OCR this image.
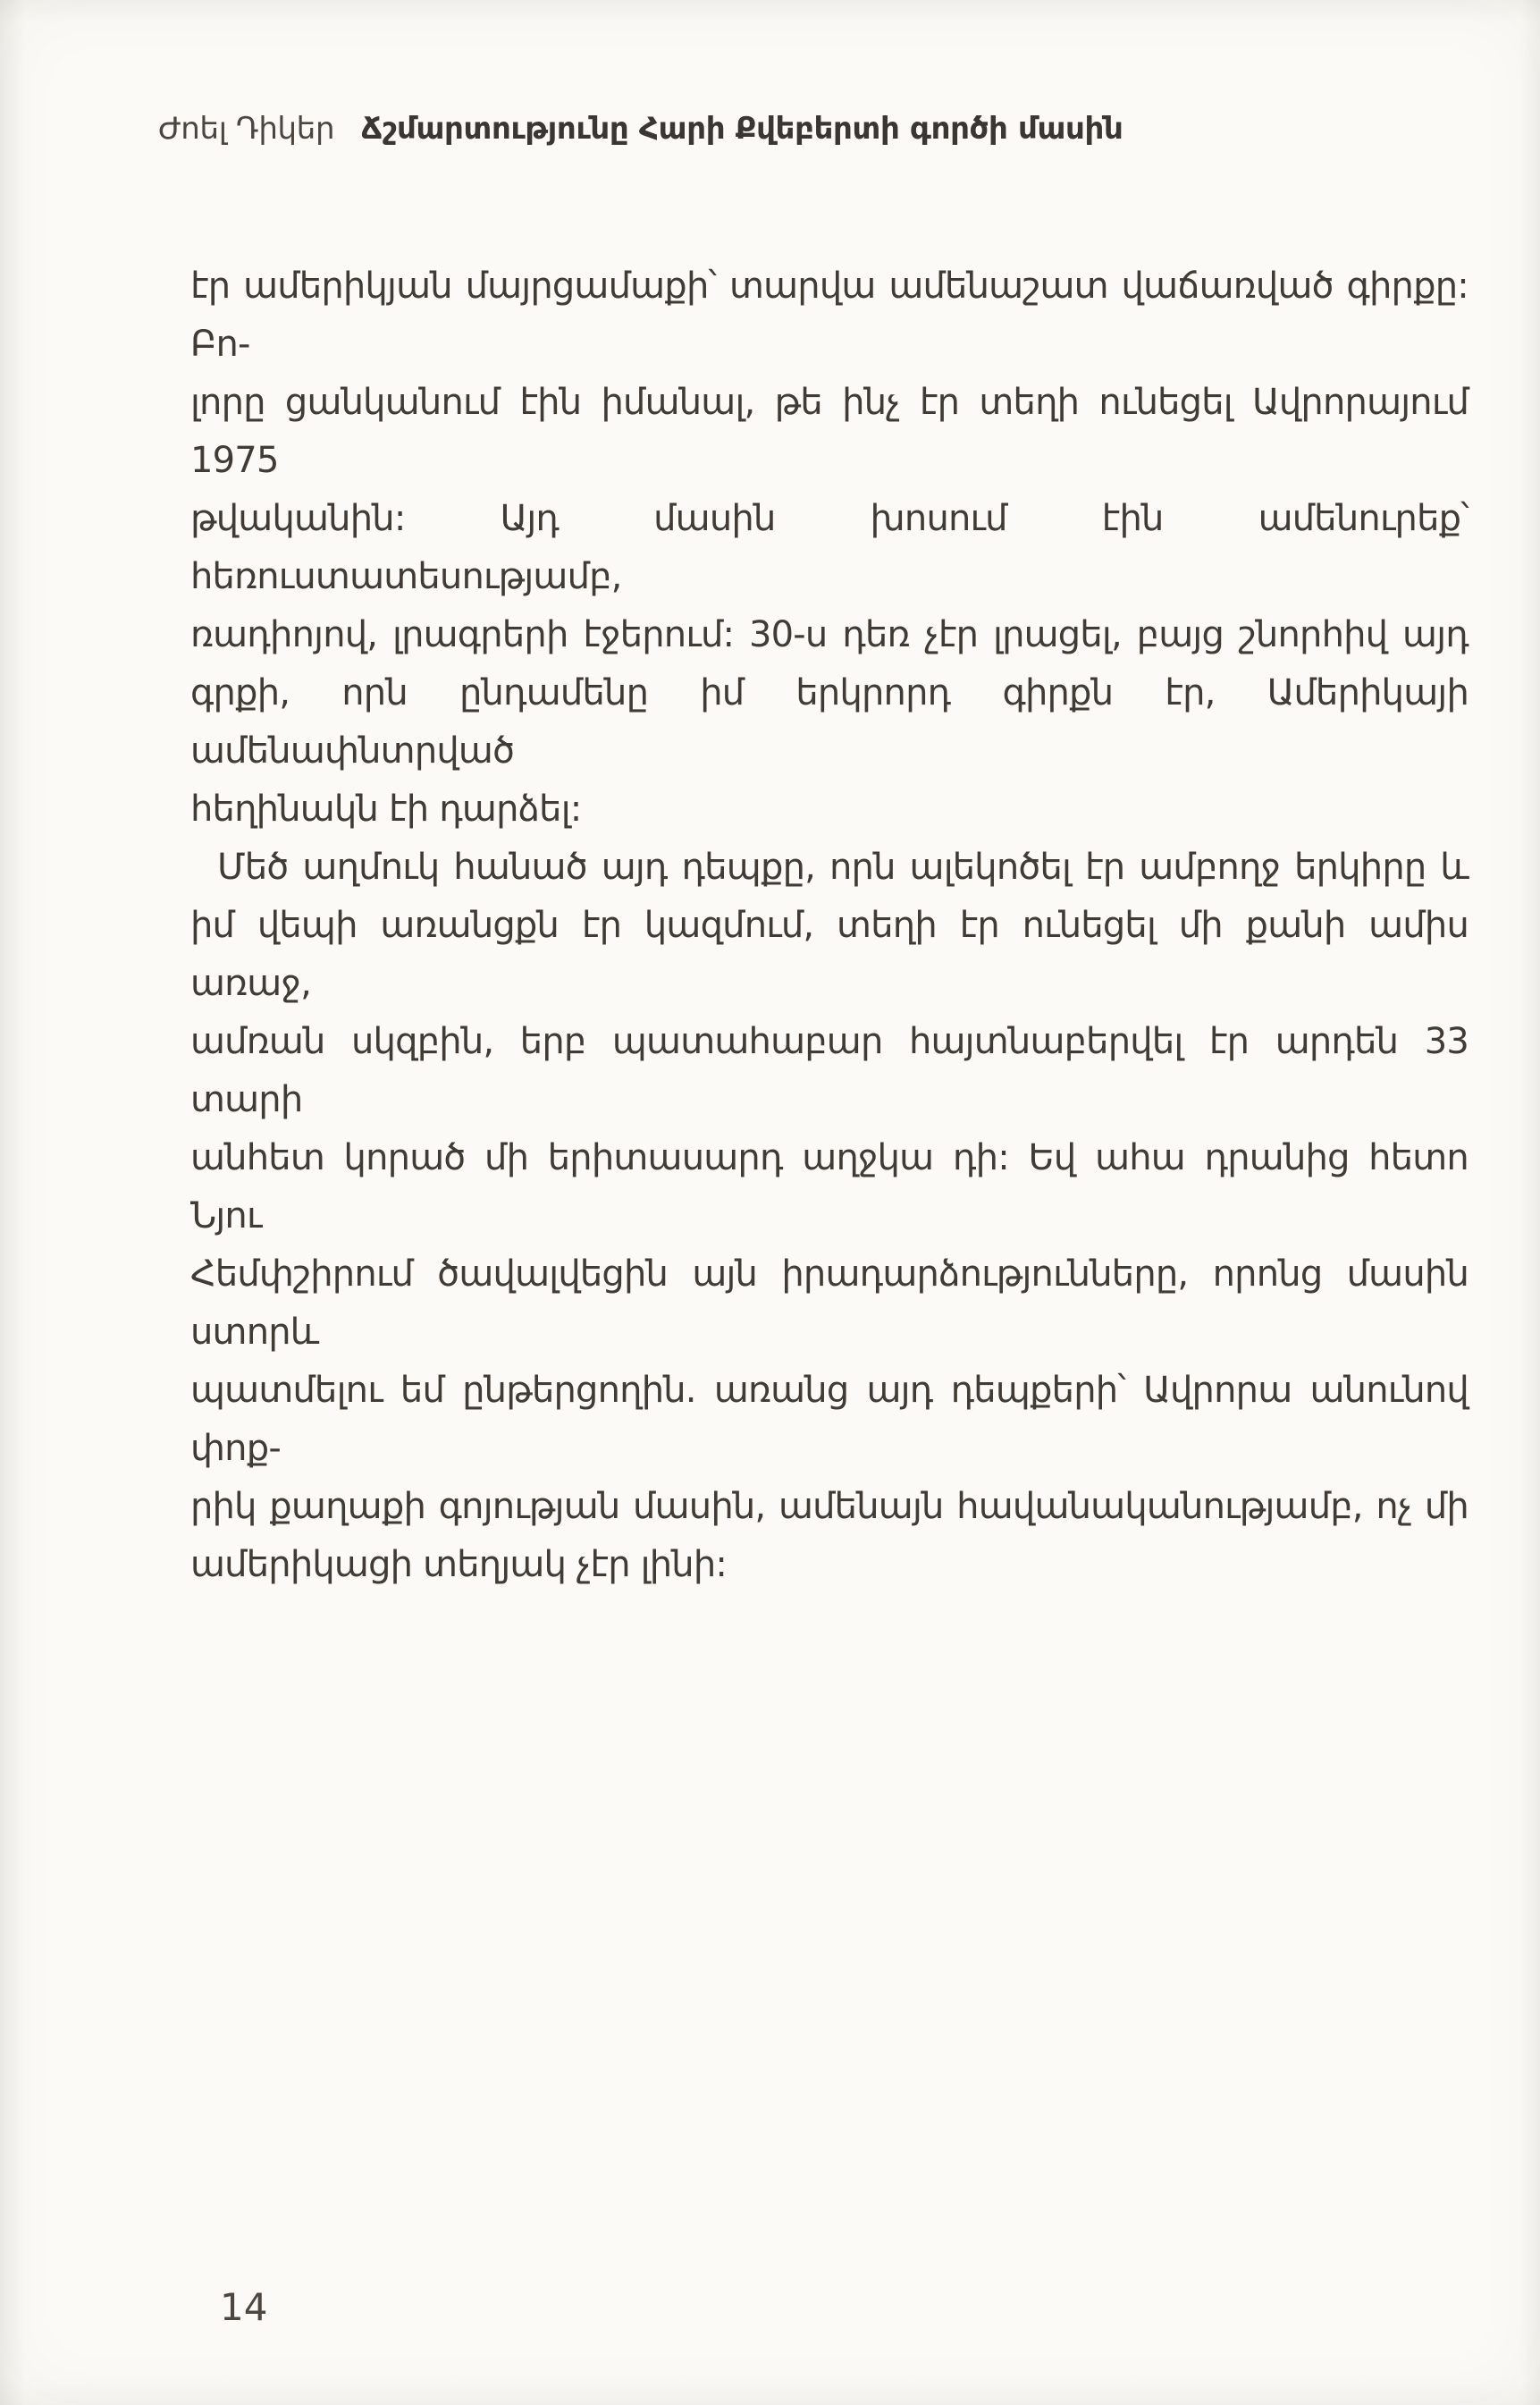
Ժոել Դիկեր Ճշմարտությունը Հարի Քվեբերտի գործի մասին

էր ամերիկյան մայրցամաքի՝ տարվա ամենաշատ վաճառված գիրքը: Բո-
լորը ցանկանում էին իմանալ, թե ինչ էր տեղի ունեցել Ավրորայում 1975
թվականին: Այդ մասին խոսում էին ամենուրեք՝ հեռուստատեսությամբ,
ռադիոյով, լրագրերի էջերում: 30-ս դեռ չէր լրացել, բայց շնորհիվ այդ
գրքի, որն ընդամենը իմ երկրորդ գիրքն էր, Ամերիկայի ամենափնտրված
հեղինակն էի դարձել:

Մեծ աղմուկ հանած այդ դեպքը, որն ալեկոծել էր ամբողջ երկիրը և
իմ վեպի առանցքն էր կազմում, տեղի էր ունեցել մի քանի ամիս առաջ,
ամռան սկզբին, երբ պատահաբար հայտնաբերվել էր արդեն 33 տարի
անհետ կորած մի երիտասարդ աղջկա դի: Եվ ահա դրանից հետո Նյու
Հեմփշիրում ծավալվեցին այն իրադարձությունները, որոնց մասին ստորև
պատմելու եմ ընթերցողին. առանց այդ դեպքերի՝ Ավրորա անունով փոք-
րիկ քաղաքի գոյության մասին, ամենայն հավանականությամբ, ոչ մի
ամերիկացի տեղյակ չէր լինի:

14
